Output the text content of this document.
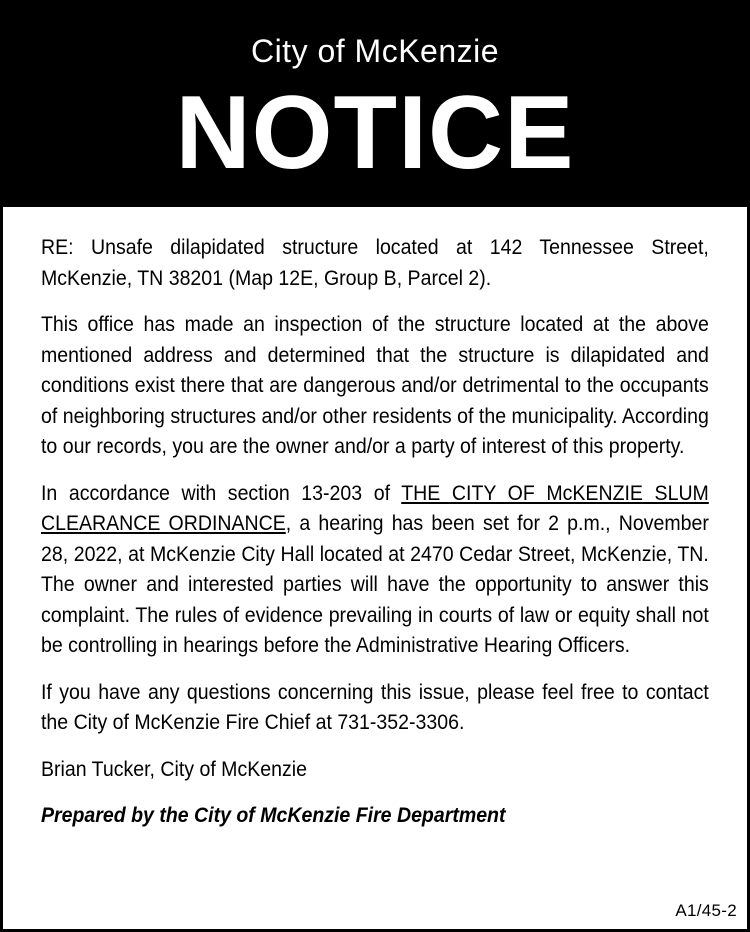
City of McKenzie
NOTICE

RE: Unsafe dilapidated structure located at 142 Tennessee Street, McKenzie, TN 38201 (Map 12E, Group B, Parcel 2).

This office has made an inspection of the structure located at the above mentioned address and determined that the structure is dilapidated and conditions exist there that are dangerous and/or detrimental to the occupants of neighboring structures and/or other residents of the municipality. According to our records, you are the owner and/or a party of interest of this property.

In accordance with section 13-203 of THE CITY OF McKENZIE SLUM CLEARANCE ORDINANCE, a hearing has been set for 2 p.m., November 28, 2022, at McKenzie City Hall located at 2470 Cedar Street, McKenzie, TN. The owner and interested parties will have the opportunity to answer this complaint. The rules of evidence prevailing in courts of law or equity shall not be controlling in hearings before the Administrative Hearing Officers.

If you have any questions concerning this issue, please feel free to contact the City of McKenzie Fire Chief at 731-352-3306.

Brian Tucker, City of McKenzie

Prepared by the City of McKenzie Fire Department

A1/45-2
